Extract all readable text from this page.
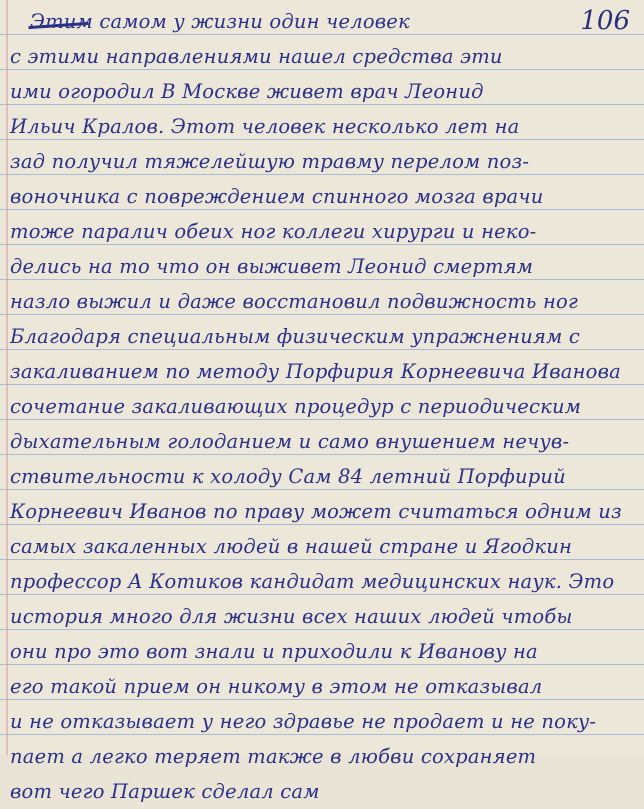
106
Этим самом у жизни один человек
с этими направлениями нашел средства эти
ими огородил В Москве живет врач Леонид
Ильич Кралов. Этот человек несколько лет на
зад получил тяжелейшую травму перелом поз-
воночника с повреждением спинного мозга врачи
тоже паралич обеих ног коллеги хирурги и неко-
делись на то что он выживет Леонид смертям
назло выжил и даже восстановил подвижность ног
Благодаря специальным физическим упражнениям с
закаливанием по методу Порфирия Корнеевича Иванова
сочетание закаливающих процедур с периодическим
дыхательным голоданием и само внушением нечув-
ствительности к холоду Сам 84 летний Порфирий
Корнеевич Иванов по праву может считаться одним из
самых закаленных людей в нашей стране и Ягодкин
профессор А Котиков кандидат медицинских наук. Это
история много для жизни всех наших людей чтобы
они про это вот знали и приходили к Иванову на
его такой прием он никому в этом не отказывал
и не отказывает у него здравье не продает и не поку-
пает а легко теряет также в любви сохраняет
вот чего Паршек сделал сам
